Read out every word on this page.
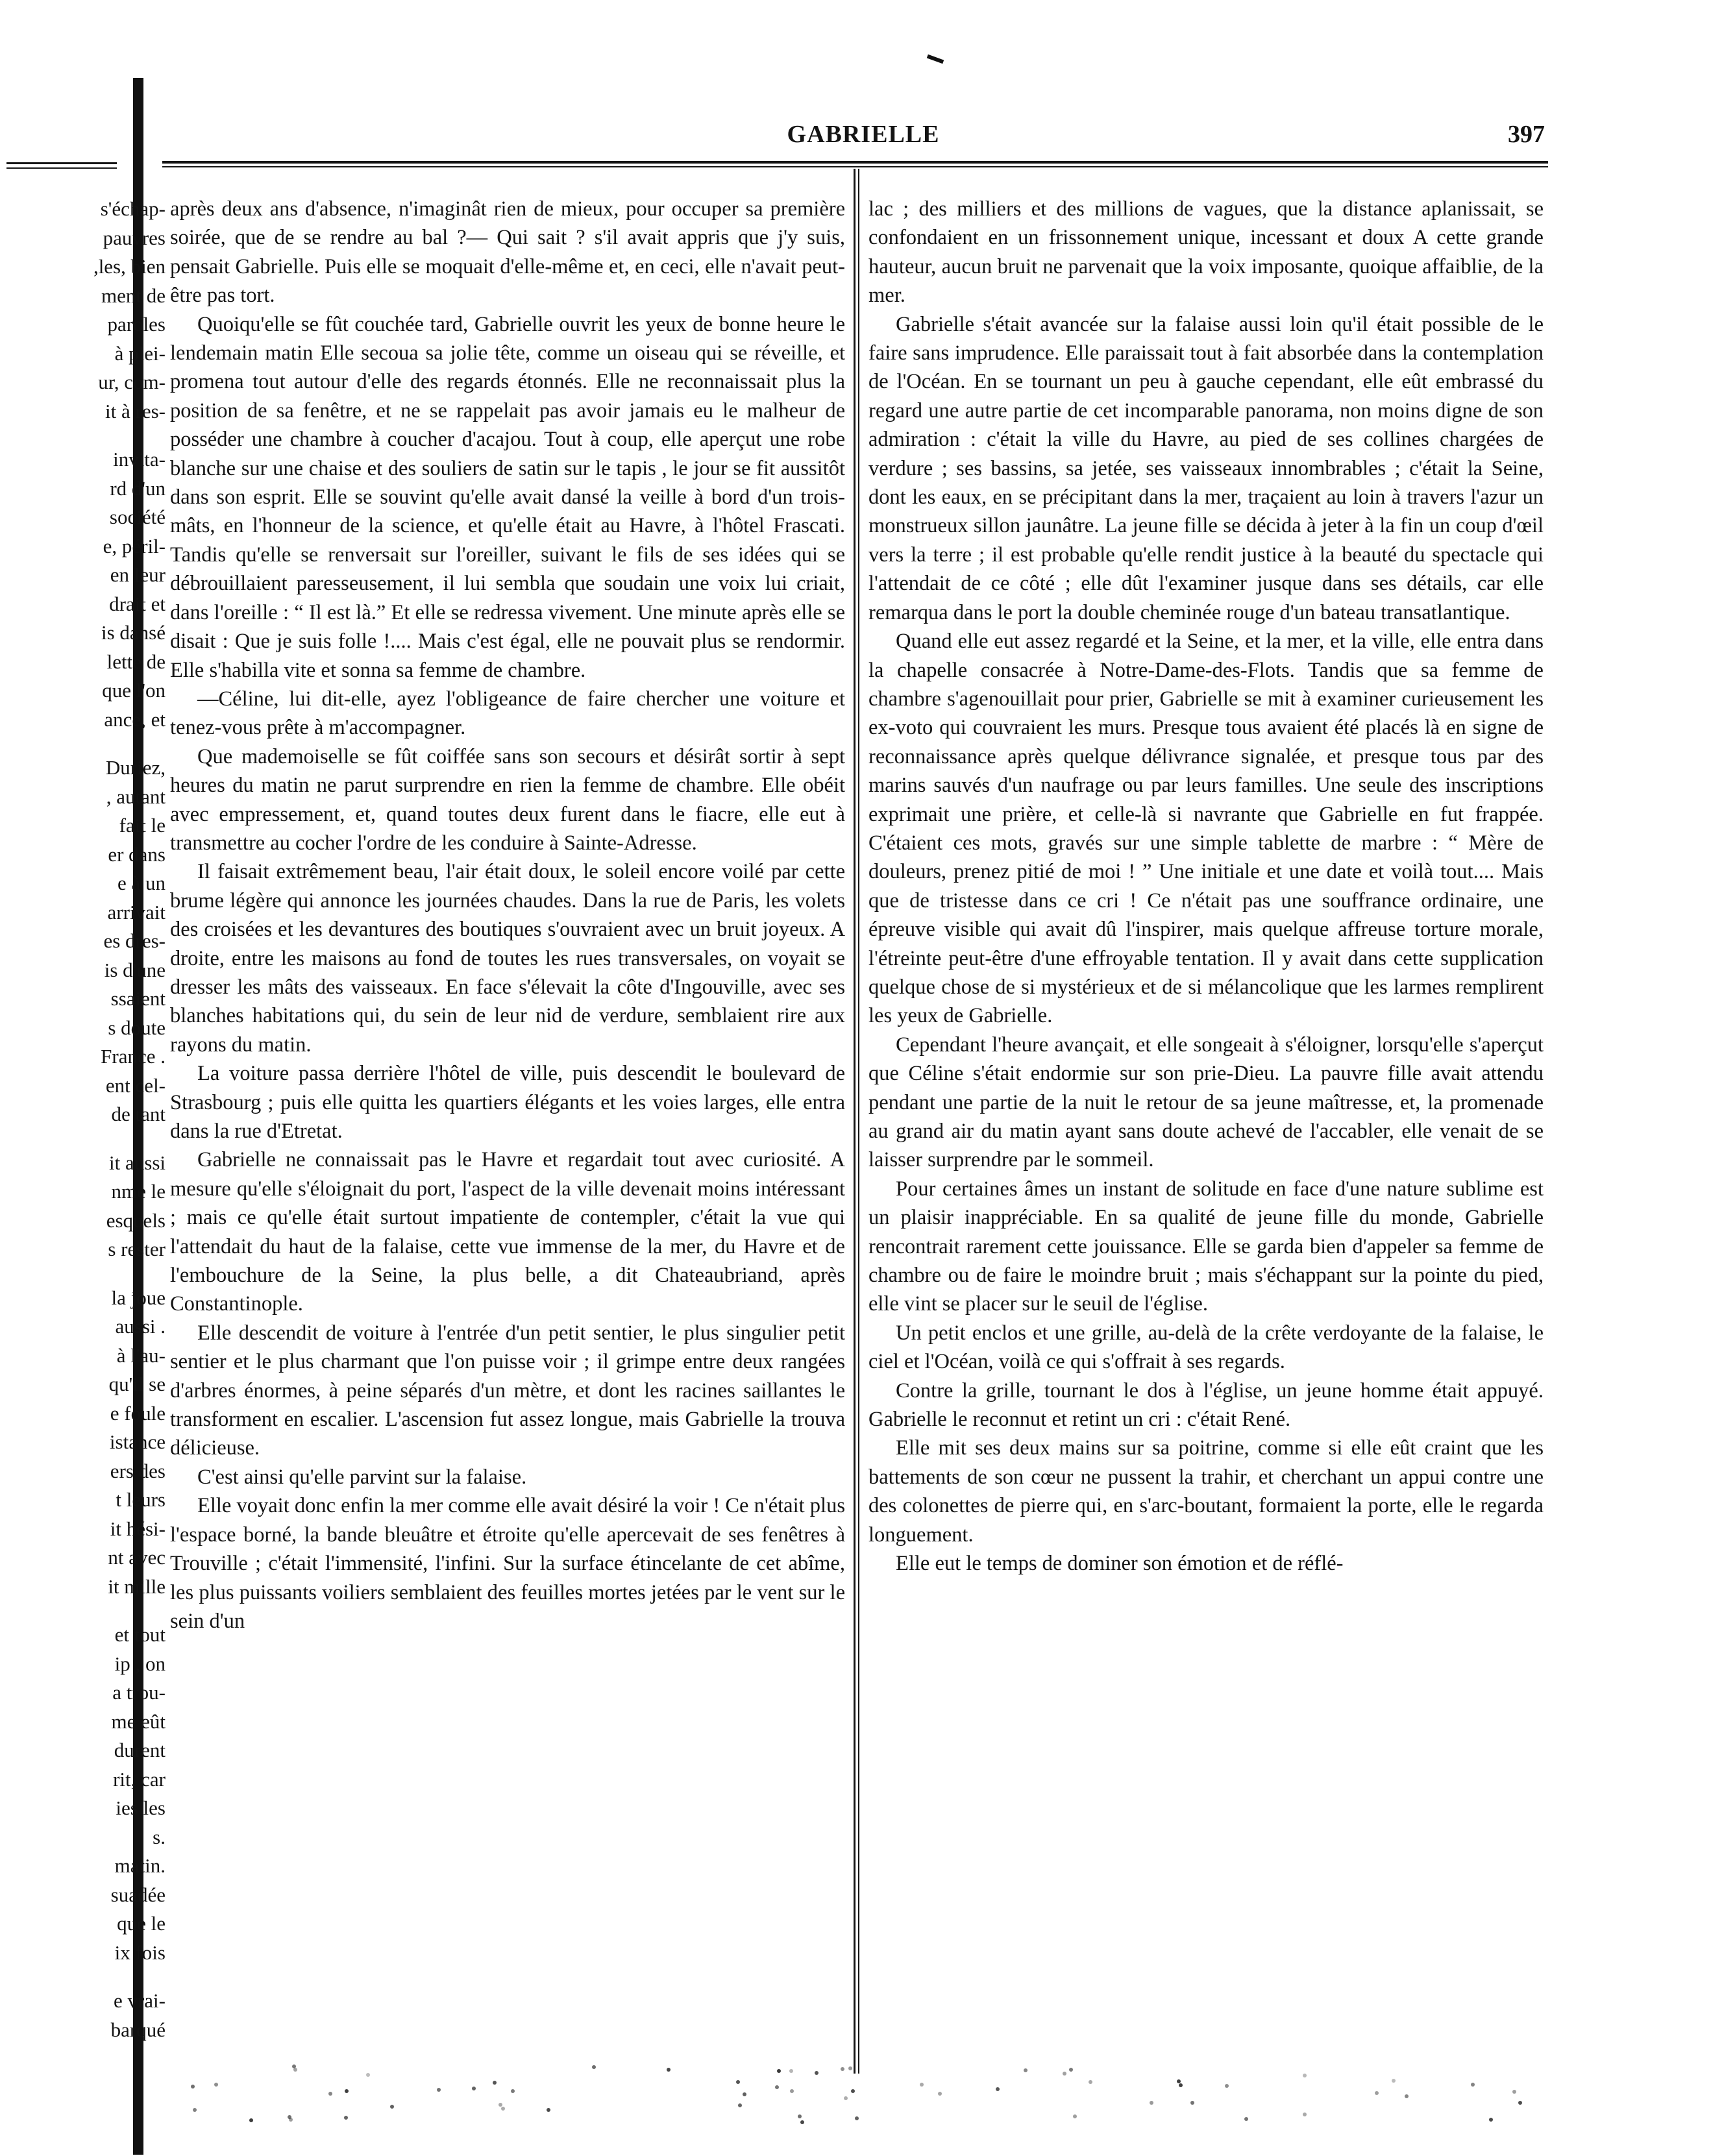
s'échap-
pauvres
,les, bien
ment de
paroles
à plei-
ur, com-
it à res-
invita-
rd d'un
société
e, péril-
en leur
drait et
is dansé
lette de
que l'on
ance, et
Duriez,
, autant
fait le
er dans
e à un
arrivait
es dres-
is d'une
ssaient
s doute
France .
ent cel-
de tant
it aussi
nme le
esquels
s rester
la joue
aussi .
à l'au-
qu'il se
e foule
istance
ers des
t leurs
it hési-
nt avec
it mille
et tout
ip , on
a trou-
me eût
durent
rit, car
ies les
s.
matin.
suadée
que le
ix fois
e vrai-
barqué
GABRIELLE	397

après deux ans d'absence, n'imaginât rien de mieux, pour occuper sa première soirée, que de se rendre au bal ?— Qui sait ? s'il avait appris que j'y suis, pensait Gabrielle. Puis elle se moquait d'elle-même et, en ceci, elle n'avait peut-être pas tort.

Quoiqu'elle se fût couchée tard, Gabrielle ouvrit les yeux de bonne heure le lendemain matin Elle secoua sa jolie tête, comme un oiseau qui se réveille, et promena tout autour d'elle des regards étonnés. Elle ne reconnaissait plus la position de sa fenêtre, et ne se rappelait pas avoir jamais eu le malheur de posséder une chambre à coucher d'acajou. Tout à coup, elle aperçut une robe blanche sur une chaise et des souliers de satin sur le tapis , le jour se fit aussitôt dans son esprit. Elle se souvint qu'elle avait dansé la veille à bord d'un trois-mâts, en l'honneur de la science, et qu'elle était au Havre, à l'hôtel Frascati. Tandis qu'elle se renversait sur l'oreiller, suivant le fils de ses idées qui se débrouillaient paresseusement, il lui sembla que soudain une voix lui criait, dans l'oreille : “ Il est là.” Et elle se redressa vivement. Une minute après elle se disait : Que je suis folle !.... Mais c'est égal, elle ne pouvait plus se rendormir. Elle s'habilla vite et sonna sa femme de chambre.

—Céline, lui dit-elle, ayez l'obligeance de faire chercher une voiture et tenez-vous prête à m'accompagner.

Que mademoiselle se fût coiffée sans son secours et désirât sortir à sept heures du matin ne parut surprendre en rien la femme de chambre. Elle obéit avec empressement, et, quand toutes deux furent dans le fiacre, elle eut à transmettre au cocher l'ordre de les conduire à Sainte-Adresse.

Il faisait extrêmement beau, l'air était doux, le soleil encore voilé par cette brume légère qui annonce les journées chaudes. Dans la rue de Paris, les volets des croisées et les devantures des boutiques s'ouvraient avec un bruit joyeux. A droite, entre les maisons au fond de toutes les rues transversales, on voyait se dresser les mâts des vaisseaux. En face s'élevait la côte d'Ingouville, avec ses blanches habitations qui, du sein de leur nid de verdure, semblaient rire aux rayons du matin.

La voiture passa derrière l'hôtel de ville, puis descendit le boulevard de Strasbourg ; puis elle quitta les quartiers élégants et les voies larges, elle entra dans la rue d'Etretat.

Gabrielle ne connaissait pas le Havre et regardait tout avec curiosité. A mesure qu'elle s'éloignait du port, l'aspect de la ville devenait moins intéressant ; mais ce qu'elle était surtout impatiente de contempler, c'était la vue qui l'attendait du haut de la falaise, cette vue immense de la mer, du Havre et de l'embouchure de la Seine, la plus belle, a dit Chateaubriand, après Constantinople.

Elle descendit de voiture à l'entrée d'un petit sentier, le plus singulier petit sentier et le plus charmant que l'on puisse voir ; il grimpe entre deux rangées d'arbres énormes, à peine séparés d'un mètre, et dont les racines saillantes le transforment en escalier. L'ascension fut assez longue, mais Gabrielle la trouva délicieuse.

C'est ainsi qu'elle parvint sur la falaise.

Elle voyait donc enfin la mer comme elle avait désiré la voir ! Ce n'était plus l'espace borné, la bande bleuâtre et étroite qu'elle apercevait de ses fenêtres à Trouville ; c'était l'immensité, l'infini. Sur la surface étincelante de cet abîme, les plus puissants voiliers semblaient des feuilles mortes jetées par le vent sur le sein d'un

lac ; des milliers et des millions de vagues, que la distance aplanissait, se confondaient en un frissonnement unique, incessant et doux A cette grande hauteur, aucun bruit ne parvenait que la voix imposante, quoique affaiblie, de la mer.

Gabrielle s'était avancée sur la falaise aussi loin qu'il était possible de le faire sans imprudence. Elle paraissait tout à fait absorbée dans la contemplation de l'Océan. En se tournant un peu à gauche cependant, elle eût embrassé du regard une autre partie de cet incomparable panorama, non moins digne de son admiration : c'était la ville du Havre, au pied de ses collines chargées de verdure ; ses bassins, sa jetée, ses vaisseaux innombrables ; c'était la Seine, dont les eaux, en se précipitant dans la mer, traçaient au loin à travers l'azur un monstrueux sillon jaunâtre. La jeune fille se décida à jeter à la fin un coup d'œil vers la terre ; il est probable qu'elle rendit justice à la beauté du spectacle qui l'attendait de ce côté ; elle dût l'examiner jusque dans ses détails, car elle remarqua dans le port la double cheminée rouge d'un bateau transatlantique.

Quand elle eut assez regardé et la Seine, et la mer, et la ville, elle entra dans la chapelle consacrée à Notre-Dame-des-Flots. Tandis que sa femme de chambre s'agenouillait pour prier, Gabrielle se mit à examiner curieusement les ex-voto qui couvraient les murs. Presque tous avaient été placés là en signe de reconnaissance après quelque délivrance signalée, et presque tous par des marins sauvés d'un naufrage ou par leurs familles. Une seule des inscriptions exprimait une prière, et celle-là si navrante que Gabrielle en fut frappée. C'étaient ces mots, gravés sur une simple tablette de marbre : “ Mère de douleurs, prenez pitié de moi ! ” Une initiale et une date et voilà tout.... Mais que de tristesse dans ce cri ! Ce n'était pas une souffrance ordinaire, une épreuve visible qui avait dû l'inspirer, mais quelque affreuse torture morale, l'étreinte peut-être d'une effroyable tentation. Il y avait dans cette supplication quelque chose de si mystérieux et de si mélancolique que les larmes remplirent les yeux de Gabrielle.

Cependant l'heure avançait, et elle songeait à s'éloigner, lorsqu'elle s'aperçut que Céline s'était endormie sur son prie-Dieu. La pauvre fille avait attendu pendant une partie de la nuit le retour de sa jeune maîtresse, et, la promenade au grand air du matin ayant sans doute achevé de l'accabler, elle venait de se laisser surprendre par le sommeil.

Pour certaines âmes un instant de solitude en face d'une nature sublime est un plaisir inappréciable. En sa qualité de jeune fille du monde, Gabrielle rencontrait rarement cette jouissance. Elle se garda bien d'appeler sa femme de chambre ou de faire le moindre bruit ; mais s'échappant sur la pointe du pied, elle vint se placer sur le seuil de l'église.

Un petit enclos et une grille, au-delà de la crête verdoyante de la falaise, le ciel et l'Océan, voilà ce qui s'offrait à ses regards.

Contre la grille, tournant le dos à l'église, un jeune homme était appuyé. Gabrielle le reconnut et retint un cri : c'était René.

Elle mit ses deux mains sur sa poitrine, comme si elle eût craint que les battements de son cœur ne pussent la trahir, et cherchant un appui contre une des colonettes de pierre qui, en s'arc-boutant, formaient la porte, elle le regarda longuement.

Elle eut le temps de dominer son émotion et de réflé-
